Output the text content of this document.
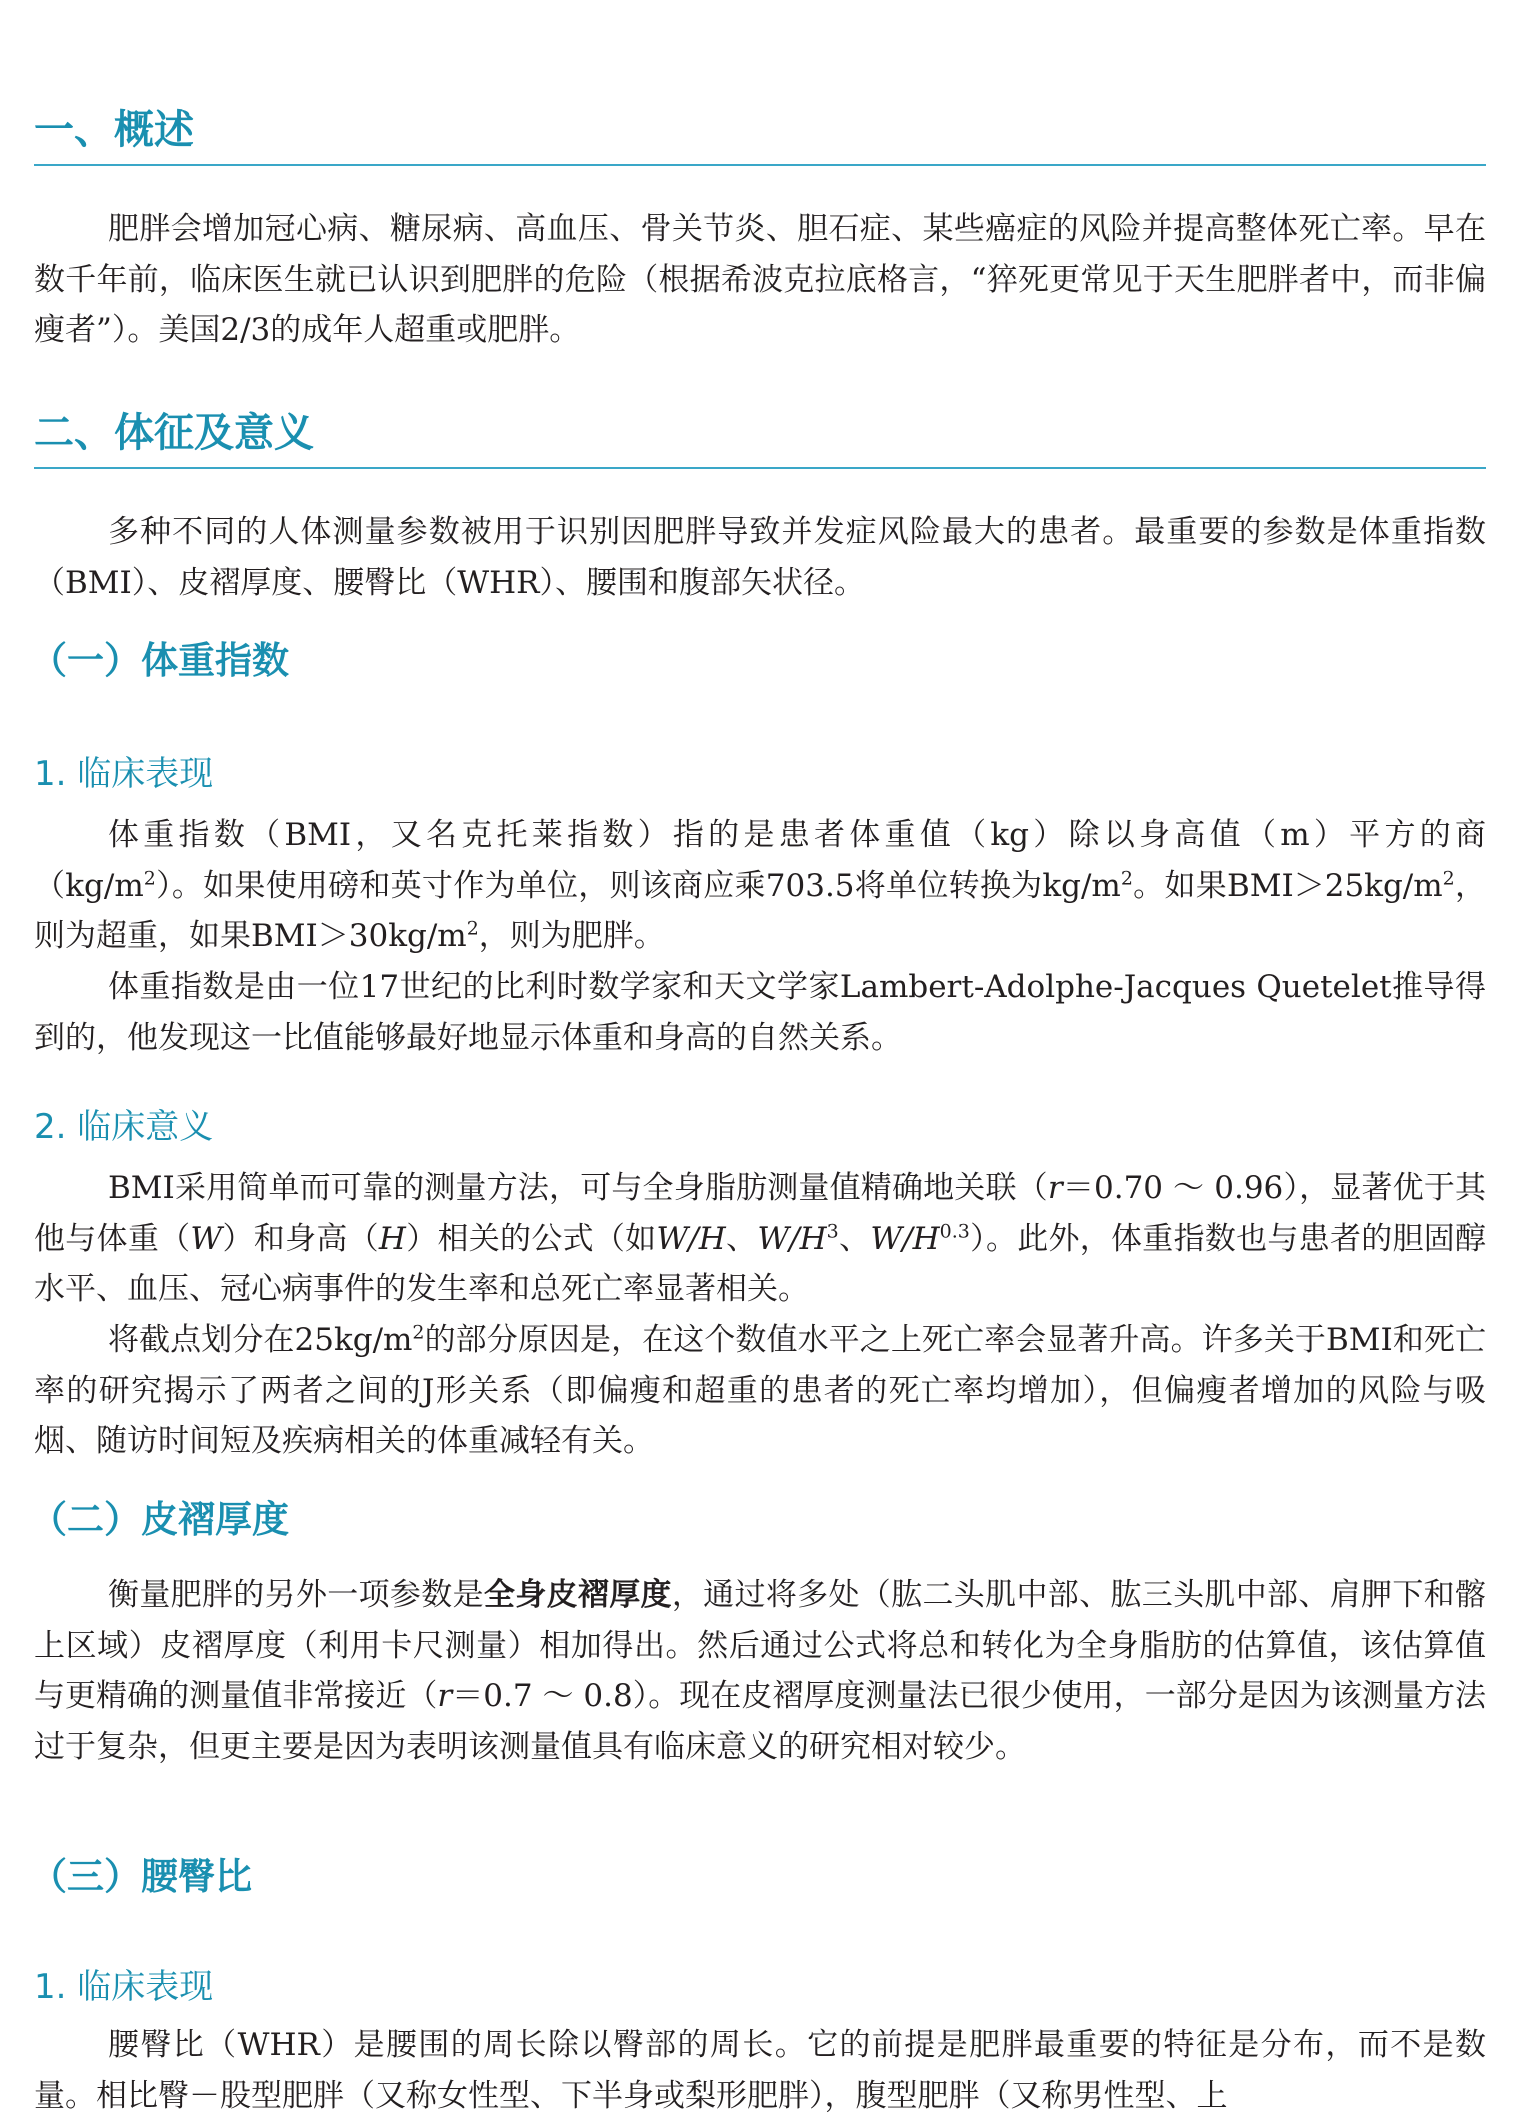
一、概述

肥胖会增加冠心病、糖尿病、高血压、骨关节炎、胆石症、某些癌症的风险并提高整体死亡率。早在数千年前，临床医生就已认识到肥胖的危险（根据希波克拉底格言，“猝死更常见于天生肥胖者中，而非偏瘦者”）。美国2/3的成年人超重或肥胖。

二、体征及意义

多种不同的人体测量参数被用于识别因肥胖导致并发症风险最大的患者。最重要的参数是体重指数（BMI）、皮褶厚度、腰臀比（WHR）、腰围和腹部矢状径。

（一）体重指数
1. 临床表现

体重指数（BMI，又名克托莱指数）指的是患者体重值（kg）除以身高值（m）平方的商$(kg/m^2)$。如果使用磅和英寸作为单位，则该商应乘703.5将单位转换为$kg/m^2$。如果$BMI>25kg/m^2$，则为超重，如果$BMI>30kg/m^2$，则为肥胖。

体重指数是由一位17世纪的比利时数学家和天文学家Lambert-Adolphe-Jacques Quetelet推导得到的，他发现这一比值能够最好地显示体重和身高的自然关系。

2. 临床意义

BMI采用简单而可靠的测量方法，可与全身脂肪测量值精确地关联（r＝0.70 ～ 0.96），显著优于其他与体重（W）和身高（H）相关的公式（如W/H、$W/H^3$、$W/H^{0.3}$）。此外，体重指数也与患者的胆固醇水平、血压、冠心病事件的发生率和总死亡率显著相关。

将截点划分在$25kg/m^2$的部分原因是，在这个数值水平之上死亡率会显著升高。许多关于BMI和死亡率的研究揭示了两者之间的J形关系（即偏瘦和超重的患者的死亡率均增加），但偏瘦者增加的风险与吸烟、随访时间短及疾病相关的体重减轻有关。

（二）皮褶厚度

衡量肥胖的另外一项参数是全身皮褶厚度，通过将多处（肱二头肌中部、肱三头肌中部、肩胛下和髂上区域）皮褶厚度（利用卡尺测量）相加得出。然后通过公式将总和转化为全身脂肪的估算值，该估算值与更精确的测量值非常接近（r＝0.7 ～ 0.8）。现在皮褶厚度测量法已很少使用，一部分是因为该测量方法过于复杂，但更主要是因为表明该测量值具有临床意义的研究相对较少。

（三）腰臀比
1. 临床表现

腰臀比（WHR）是腰围的周长除以臀部的周长。它的前提是肥胖最重要的特征是分布，而不是数量。相比臀－股型肥胖（又称女性型、下半身或梨形肥胖），腹型肥胖（又称男性型、上
